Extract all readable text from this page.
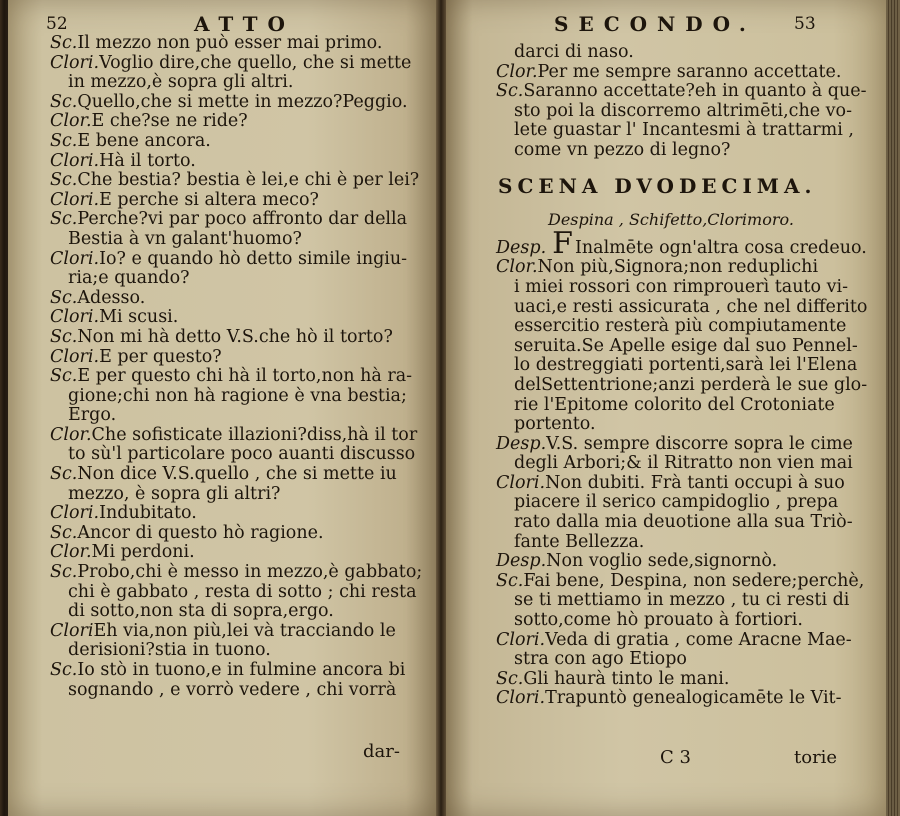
52	ATTO
Sc.Il mezzo non può esser mai primo.
Clori.Voglio dire,che quello, che si mette
in mezzo,è sopra gli altri.
Sc.Quello,che si mette in mezzo?Peggio.
Clor.E che?se ne ride?
Sc.E bene ancora.
Clori.Hà il torto.
Sc.Che bestia? bestia è lei,e chi è per lei?
Clori.E perche si altera meco?
Sc.Perche?vi par poco affronto dar della
Bestia à vn galant'huomo?
Clori.Io? e quando hò detto simile ingiu-
ria;e quando?
Sc.Adesso.
Clori.Mi scusi.
Sc.Non mi hà detto V.S.che hò il torto?
Clori.E per questo?
Sc.E per questo chi hà il torto,non hà ra-
gione;chi non hà ragione è vna bestia;
Ergo.
Clor.Che sofisticate illazioni?diss,hà il tor
to sù'l particolare poco auanti discusso
Sc.Non dice V.S.quello , che si mette iu
mezzo, è sopra gli altri?
Clori.Indubitato.
Sc.Ancor di questo hò ragione.
Clor.Mi perdoni.
Sc.Probo,chi è messo in mezzo,è gabbato;
chi è gabbato , resta di sotto ; chi resta
di sotto,non sta di sopra,ergo.
CloriEh via,non più,lei và tracciando le
derisioni?stia in tuono.
Sc.Io stò in tuono,e in fulmine ancora bi
sognando , e vorrò vedere , chi vorrà
dar-
SECONDO. 53
darci di naso.
Clor.Per me sempre saranno accettate.
Sc.Saranno accettate?eh in quanto à que-
sto poi la discorremo altrimēti,che vo-
lete guastar l' Incantesmi à trattarmi ,
come vn pezzo di legno?
SCENA DVODECIMA.
Despina , Schifetto,Clorimoro.
Desp. F Inalmēte ogn'altra cosa credeuo.
Clor.Non più,Signora;non reduplichi
i miei rossori con rimprouerì tauto vi-
uaci,e resti assicurata , che nel differito
essercitio resterà più compiutamente
seruita.Se Apelle esige dal suo Pennel-
lo destreggiati portenti,sarà lei l'Elena
delSettentrione;anzi perderà le sue glo-
rie l'Epitome colorito del Crotoniate
portento.
Desp.V.S. sempre discorre sopra le cime
degli Arbori;& il Ritratto non vien mai
Clori.Non dubiti. Frà tanti occupi à suo
piacere il serico campidoglio , prepa
rato dalla mia deuotione alla sua Triò-
fante Bellezza.
Desp.Non voglio sede,signornò.
Sc.Fai bene, Despina, non sedere;perchè,
se ti mettiamo in mezzo , tu ci resti di
sotto,come hò prouato à fortiori.
Clori.Veda di gratia , come Aracne Mae-
stra con ago Etiopo
Sc.Gli haurà tinto le mani.
Clori.Trapuntò genealogicamēte le Vit-
C 3	torie
